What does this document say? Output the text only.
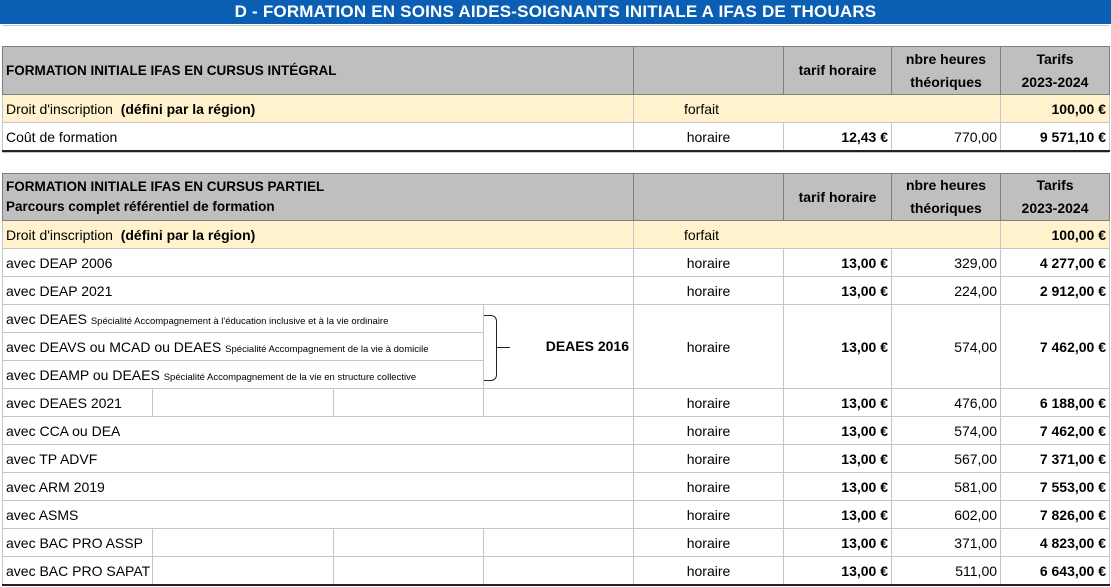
D - FORMATION EN SOINS AIDES-SOIGNANTS INITIALE A IFAS DE THOUARS
FORMATION INITIALE IFAS EN CURSUS INTÉGRAL		tarif horaire	nbre heures
théoriques	Tarifs
2023-2024
Droit d'inscription (défini par la région)	forfait			100,00 €
Coût de formation	horaire	12,43 €	770,00	9 571,10 €
FORMATION INITIALE IFAS EN CURSUS PARTIEL
Parcours complet référentiel de formation					tarif horaire	nbre heures
théoriques	Tarifs
2023-2024
Droit d'inscription (défini par la région)				forfait			100,00 €
avec DEAP 2006				horaire	13,00 €	329,00	4 277,00 €
avec DEAP 2021				horaire	13,00 €	224,00	2 912,00 €
avec DEAES Spécialité Accompagnement à l'éducation inclusive et à la vie ordinaire			DEAES 2016	horaire	13,00 €	574,00	7 462,00 €
avec DEAVS ou MCAD ou DEAES Spécialité Accompagnement de la vie à domicile							
avec DEAMP ou DEAES Spécialité Accompagnement de la vie en structure collective							
avec DEAES 2021				horaire	13,00 €	476,00	6 188,00 €
avec CCA ou DEA				horaire	13,00 €	574,00	7 462,00 €
avec TP ADVF				horaire	13,00 €	567,00	7 371,00 €
avec ARM 2019				horaire	13,00 €	581,00	7 553,00 €
avec ASMS				horaire	13,00 €	602,00	7 826,00 €
avec BAC PRO ASSP				horaire	13,00 €	371,00	4 823,00 €
avec BAC PRO SAPAT				horaire	13,00 €	511,00	6 643,00 €
